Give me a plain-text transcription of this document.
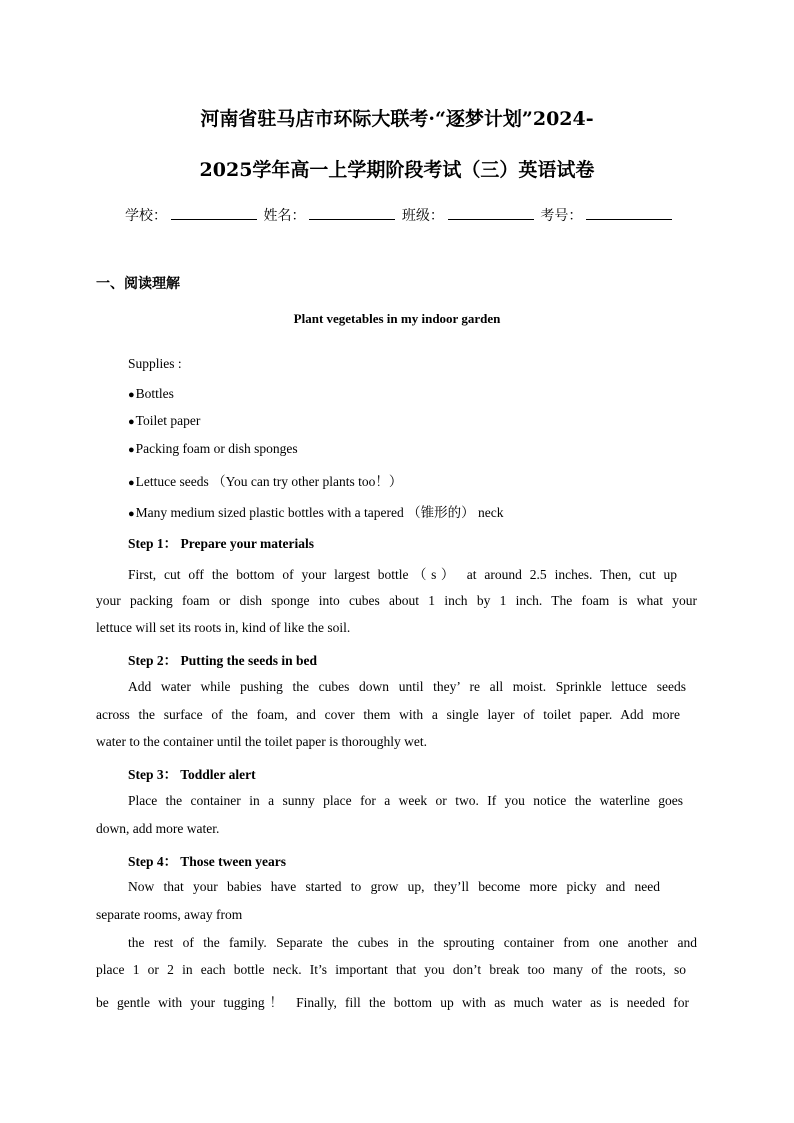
河南省驻马店市环际大联考·“逐梦计划”2024-
2025学年高一上学期阶段考试（三）英语试卷
学校：	姓名：	班级：	考号：
一、阅读理解
Plant vegetables in my indoor garden
Supplies :
● Bottles
● Toilet paper
● Packing foam or dish sponges
● Lettuce seeds （You can try other plants too！）
● Many medium sized plastic bottles with a tapered （锥形的） neck
Step 1： Prepare your materials
First, cut off the bottom of your largest bottle（s） at around 2.5 inches. Then, cut up
your packing foam or dish sponge into cubes about 1 inch by 1 inch. The foam is what your
lettuce will set its roots in, kind of like the soil.
Step 2： Putting the seeds in bed
Add water while pushing the cubes down until they’ re all moist. Sprinkle lettuce seeds
across the surface of the foam, and cover them with a single layer of toilet paper. Add more
water to the container until the toilet paper is thoroughly wet.
Step 3： Toddler alert
Place the container in a sunny place for a week or two. If you notice the waterline goes
down, add more water.
Step 4： Those tween years
Now that your babies have started to grow up, they’ll become more picky and need
separate rooms, away from
the rest of the family. Separate the cubes in the sprouting container from one another and
place 1 or 2 in each bottle neck. It’s important that you don’t break too many of the roots, so
be gentle with your tugging！ Finally, fill the bottom up with as much water as is needed for
